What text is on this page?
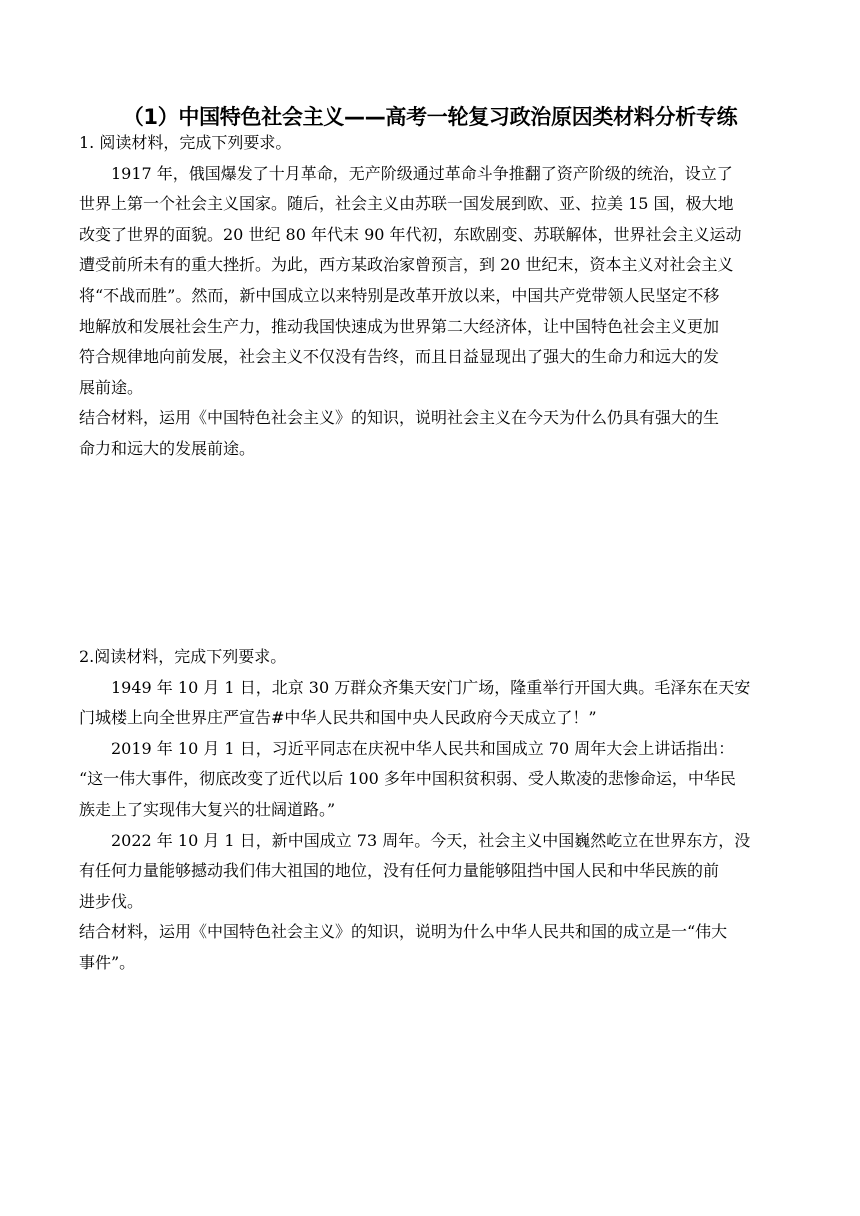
（1）中国特色社会主义——高考一轮复习政治原因类材料分析专练
1. 阅读材料，完成下列要求。
1917 年，俄国爆发了十月革命，无产阶级通过革命斗争推翻了资产阶级的统治，设立了
世界上第一个社会主义国家。随后，社会主义由苏联一国发展到欧、亚、拉美 15 国，极大地
改变了世界的面貌。20 世纪 80 年代末 90 年代初，东欧剧变、苏联解体，世界社会主义运动
遭受前所未有的重大挫折。为此，西方某政治家曾预言，到 20 世纪末，资本主义对社会主义
将“不战而胜”。然而，新中国成立以来特别是改革开放以来，中国共产党带领人民坚定不移
地解放和发展社会生产力，推动我国快速成为世界第二大经济体，让中国特色社会主义更加
符合规律地向前发展，社会主义不仅没有告终，而且日益显现出了强大的生命力和远大的发
展前途。
结合材料，运用《中国特色社会主义》的知识，说明社会主义在今天为什么仍具有强大的生
命力和远大的发展前途。
2.阅读材料，完成下列要求。
1949 年 10 月 1 日，北京 30 万群众齐集天安门广场，隆重举行开国大典。毛泽东在天安
门城楼上向全世界庄严宣告#中华人民共和国中央人民政府今天成立了！”
2019 年 10 月 1 日，习近平同志在庆祝中华人民共和国成立 70 周年大会上讲话指出：
“这一伟大事件，彻底改变了近代以后 100 多年中国积贫积弱、受人欺凌的悲惨命运，中华民
族走上了实现伟大复兴的壮阔道路。”
2022 年 10 月 1 日，新中国成立 73 周年。今天，社会主义中国巍然屹立在世界东方，没
有任何力量能够撼动我们伟大祖国的地位，没有任何力量能够阻挡中国人民和中华民族的前
进步伐。
结合材料，运用《中国特色社会主义》的知识，说明为什么中华人民共和国的成立是一“伟大
事件”。
